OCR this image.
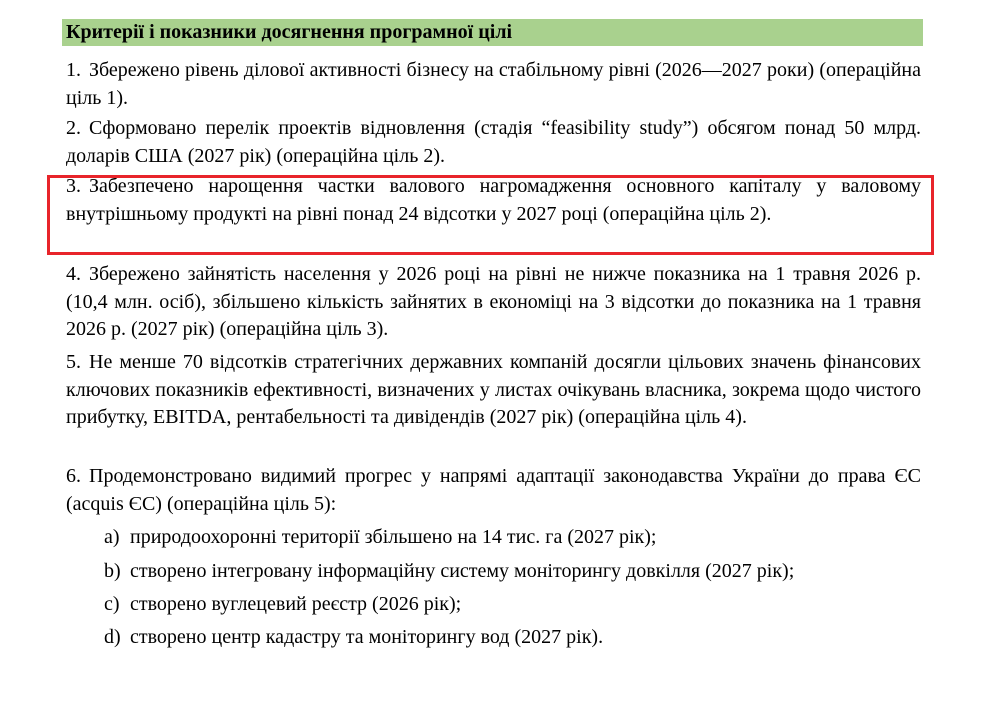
Критерії і показники досягнення програмної цілі

1. Збережено рівень ділової активності бізнесу на стабільному рівні (2026—2027 роки) (операційна ціль 1).

2. Сформовано перелік проектів відновлення (стадія “feasibility study”) обсягом понад 50 млрд. доларів США (2027 рік) (операційна ціль 2).

3. Забезпечено нарощення частки валового нагромадження основного капіталу у валовому внутрішньому продукті на рівні понад 24 відсотки у 2027 році (операційна ціль 2).

4. Збережено зайнятість населення у 2026 році на рівні не нижче показника на 1 травня 2026 р. (10,4 млн. осіб), збільшено кількість зайнятих в економіці на 3 відсотки до показника на 1 травня 2026 р. (2027 рік) (операційна ціль 3).

5. Не менше 70 відсотків стратегічних державних компаній досягли цільових значень фінансових ключових показників ефективності, визначених у листах очікувань власника, зокрема щодо чистого прибутку, EBITDA, рентабельності та дивідендів (2027 рік) (операційна ціль 4).

6. Продемонстровано видимий прогрес у напрямі адаптації законодавства України до права ЄС (acquis ЄС) (операційна ціль 5):

a) природоохоронні території збільшено на 14 тис. га (2027 рік);
b) створено інтегровану інформаційну систему моніторингу довкілля (2027 рік);
c) створено вуглецевий реєстр (2026 рік);
d) створено центр кадастру та моніторингу вод (2027 рік).
